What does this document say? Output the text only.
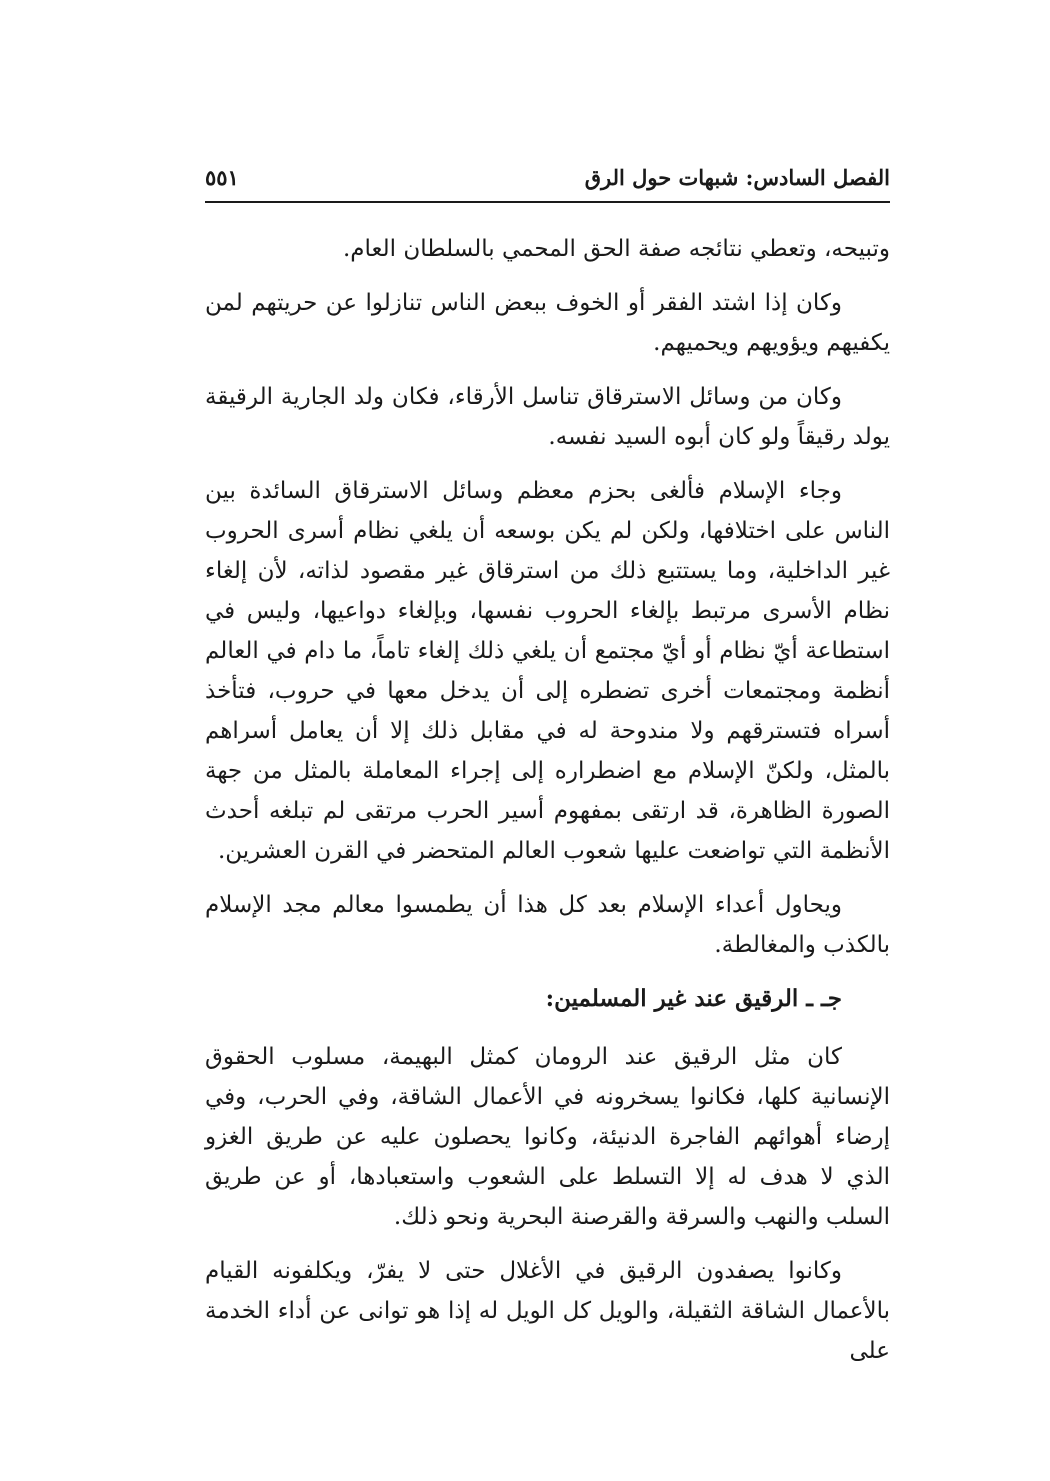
الفصل السادس: شبهات حول الرق
٥٥١

وتبيحه، وتعطي نتائجه صفة الحق المحمي بالسلطان العام.

وكان إذا اشتد الفقر أو الخوف ببعض الناس تنازلوا عن حريتهم لمن يكفيهم ويؤويهم ويحميهم.

وكان من وسائل الاسترقاق تناسل الأرقاء، فكان ولد الجارية الرقيقة يولد رقيقاً ولو كان أبوه السيد نفسه.

وجاء الإسلام فألغى بحزم معظم وسائل الاسترقاق السائدة بين الناس على اختلافها، ولكن لم يكن بوسعه أن يلغي نظام أسرى الحروب غير الداخلية، وما يستتبع ذلك من استرقاق غير مقصود لذاته، لأن إلغاء نظام الأسرى مرتبط بإلغاء الحروب نفسها، وبإلغاء دواعيها، وليس في استطاعة أيّ نظام أو أيّ مجتمع أن يلغي ذلك إلغاء تاماً، ما دام في العالم أنظمة ومجتمعات أخرى تضطره إلى أن يدخل معها في حروب، فتأخذ أسراه فتسترقهم ولا مندوحة له في مقابل ذلك إلا أن يعامل أسراهم بالمثل، ولكنّ الإسلام مع اضطراره إلى إجراء المعاملة بالمثل من جهة الصورة الظاهرة، قد ارتقى بمفهوم أسير الحرب مرتقى لم تبلغه أحدث الأنظمة التي تواضعت عليها شعوب العالم المتحضر في القرن العشرين.

ويحاول أعداء الإسلام بعد كل هذا أن يطمسوا معالم مجد الإسلام بالكذب والمغالطة.

جـ ـ الرقيق عند غير المسلمين:

كان مثل الرقيق عند الرومان كمثل البهيمة، مسلوب الحقوق الإنسانية كلها، فكانوا يسخرونه في الأعمال الشاقة، وفي الحرب، وفي إرضاء أهوائهم الفاجرة الدنيئة، وكانوا يحصلون عليه عن طريق الغزو الذي لا هدف له إلا التسلط على الشعوب واستعبادها، أو عن طريق السلب والنهب والسرقة والقرصنة البحرية ونحو ذلك.

وكانوا يصفدون الرقيق في الأغلال حتى لا يفرّ، ويكلفونه القيام بالأعمال الشاقة الثقيلة، والويل كل الويل له إذا هو توانى عن أداء الخدمة على
